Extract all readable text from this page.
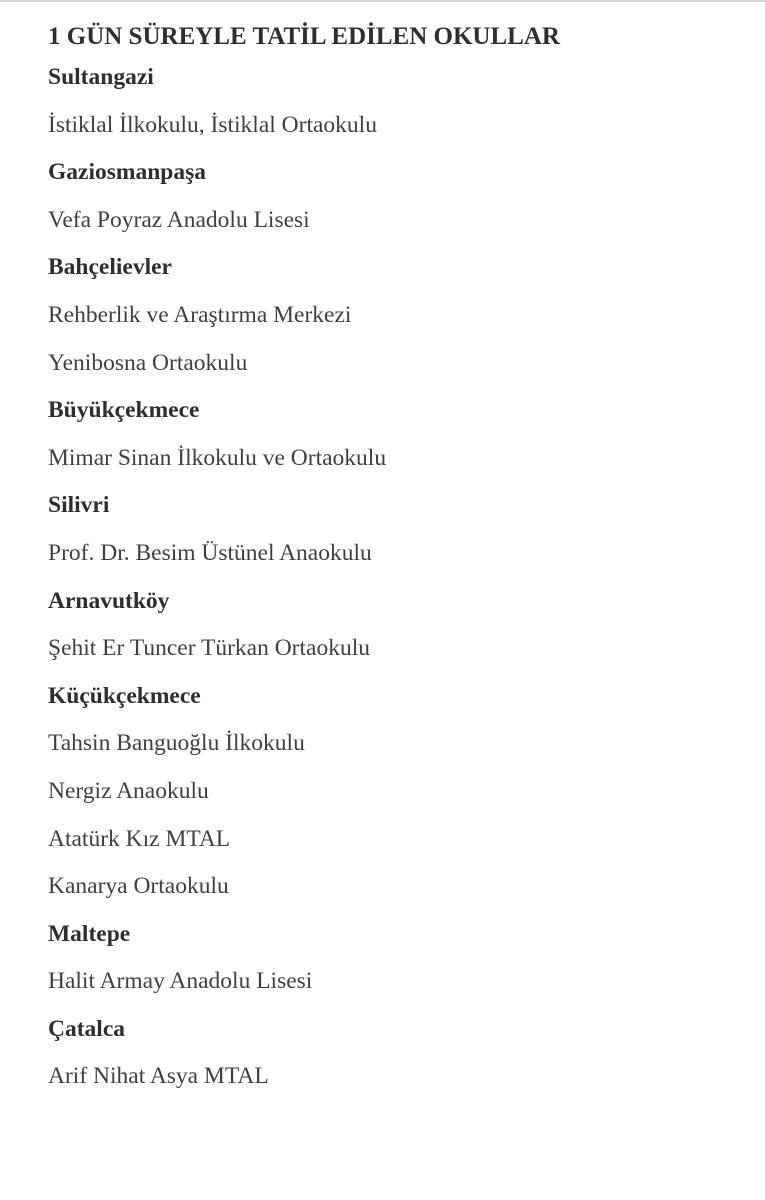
1 GÜN SÜREYLE TATİL EDİLEN OKULLAR
Sultangazi
İstiklal İlkokulu, İstiklal Ortaokulu
Gaziosmanpaşa
Vefa Poyraz Anadolu Lisesi
Bahçelievler
Rehberlik ve Araştırma Merkezi
Yenibosna Ortaokulu
Büyükçekmece
Mimar Sinan İlkokulu ve Ortaokulu
Silivri
Prof. Dr. Besim Üstünel Anaokulu
Arnavutköy
Şehit Er Tuncer Türkan Ortaokulu
Küçükçekmece
Tahsin Banguoğlu İlkokulu
Nergiz Anaokulu
Atatürk Kız MTAL
Kanarya Ortaokulu
Maltepe
Halit Armay Anadolu Lisesi
Çatalca
Arif Nihat Asya MTAL
